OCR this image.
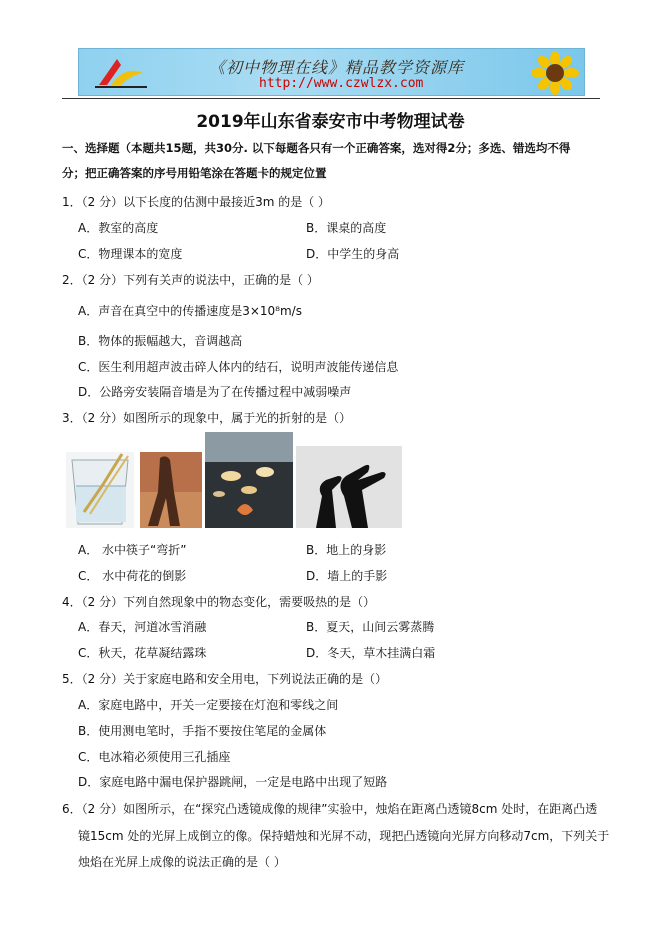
《初中物理在线》精品教学资源库
http://www.czwlzx.com
2019年山东省泰安市中考物理试卷
一、选择题（本题共15题，共30分. 以下每题各只有一个正确答案，选对得2分；多选、错选均不得
分；把正确答案的序号用铅笔涂在答题卡的规定位置
1．（2 分）以下长度的估测中最接近3m 的是（ ）
A．教室的高度	B．课桌的高度
C．物理课本的宽度	D．中学生的身高
2．（2 分）下列有关声的说法中，正确的是（ ）
A．声音在真空中的传播速度是3×10⁸m/s
B．物体的振幅越大，音调越高
C．医生利用超声波击碎人体内的结石，说明声波能传递信息
D．公路旁安装隔音墙是为了在传播过程中减弱噪声
3．（2 分）如图所示的现象中，属于光的折射的是（）
A． 水中筷子“弯折”	B．地上的身影
C． 水中荷花的倒影	D．墙上的手影
4．（2 分）下列自然现象中的物态变化，需要吸热的是（）
A．春天，河道冰雪消融	B．夏天，山间云雾蒸腾
C．秋天，花草凝结露珠	D．冬天，草木挂满白霜
5．（2 分）关于家庭电路和安全用电，下列说法正确的是（）
A．家庭电路中，开关一定要接在灯泡和零线之间
B．使用测电笔时，手指不要按住笔尾的金属体
C．电冰箱必须使用三孔插座
D．家庭电路中漏电保护器跳闸，一定是电路中出现了短路
6．（2 分）如图所示，在“探究凸透镜成像的规律”实验中，烛焰在距离凸透镜8cm 处时，在距离凸透
镜15cm 处的光屏上成倒立的像。保持蜡烛和光屏不动，现把凸透镜向光屏方向移动7cm，下列关于
烛焰在光屏上成像的说法正确的是（ ）
